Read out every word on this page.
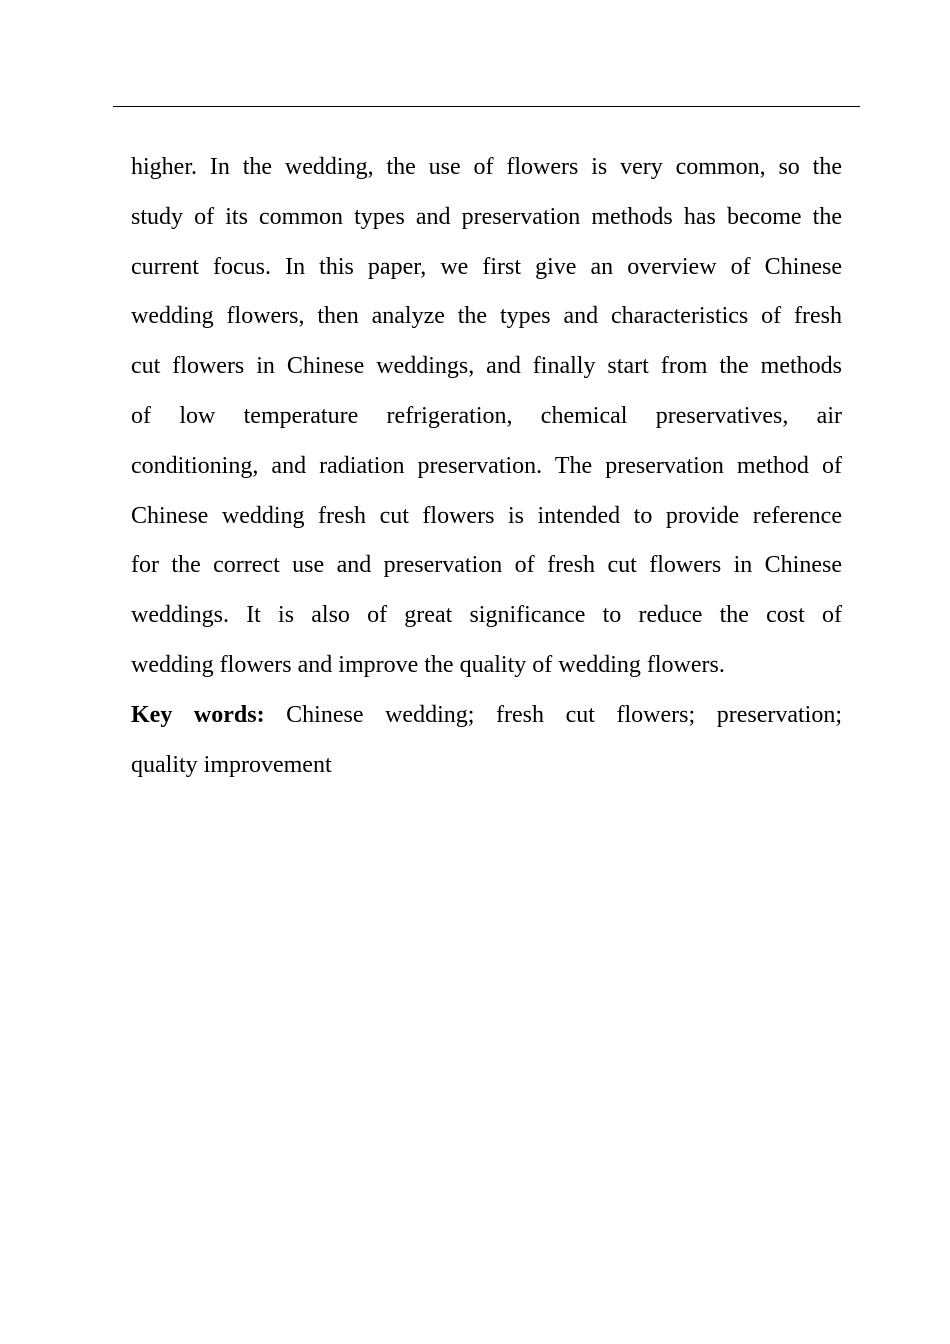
higher. In the wedding, the use of flowers is very common, so the
study of its common types and preservation methods has become the
current focus. In this paper, we first give an overview of Chinese
wedding flowers, then analyze the types and characteristics of fresh
cut flowers in Chinese weddings, and finally start from the methods
of low temperature refrigeration, chemical preservatives, air
conditioning, and radiation preservation. The preservation method of
Chinese wedding fresh cut flowers is intended to provide reference
for the correct use and preservation of fresh cut flowers in Chinese
weddings. It is also of great significance to reduce the cost of
wedding flowers and improve the quality of wedding flowers.
Key words: Chinese wedding; fresh cut flowers; preservation;
quality improvement
